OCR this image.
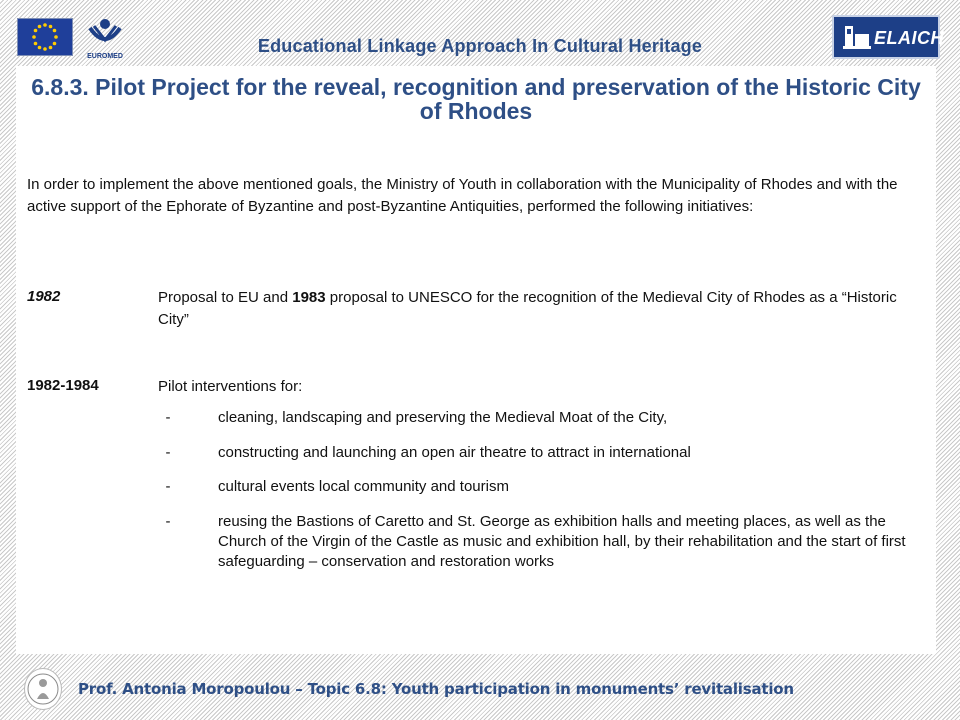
EUROMED
Educational Linkage Approach In Cultural Heritage	ELAICH
6.8.3. Pilot Project for the reveal, recognition and preservation of the Historic City of Rhodes

In order to implement the above mentioned goals, the Ministry of Youth in collaboration with the Municipality of Rhodes and with the active support of the Ephorate of Byzantine and post-Byzantine Antiquities, performed the following initiatives:

1982	Proposal to EU and 1983 proposal to UNESCO for the recognition of the Medieval City of Rhodes as a “Historic City”

1982-1984	Pilot interventions for:

-	cleaning, landscaping and preserving the Medieval Moat of the City,

-	constructing and launching an open air theatre to attract in international

-	cultural events local community and tourism

-	reusing the Bastions of Caretto and St. George as exhibition halls and meeting places, as well as the Church of the Virgin of the Castle as music and exhibition hall, by their rehabilitation and the start of first safeguarding – conservation and restoration works

Prof. Antonia Moropoulou – Topic 6.8: Youth participation in monuments’ revitalisation
